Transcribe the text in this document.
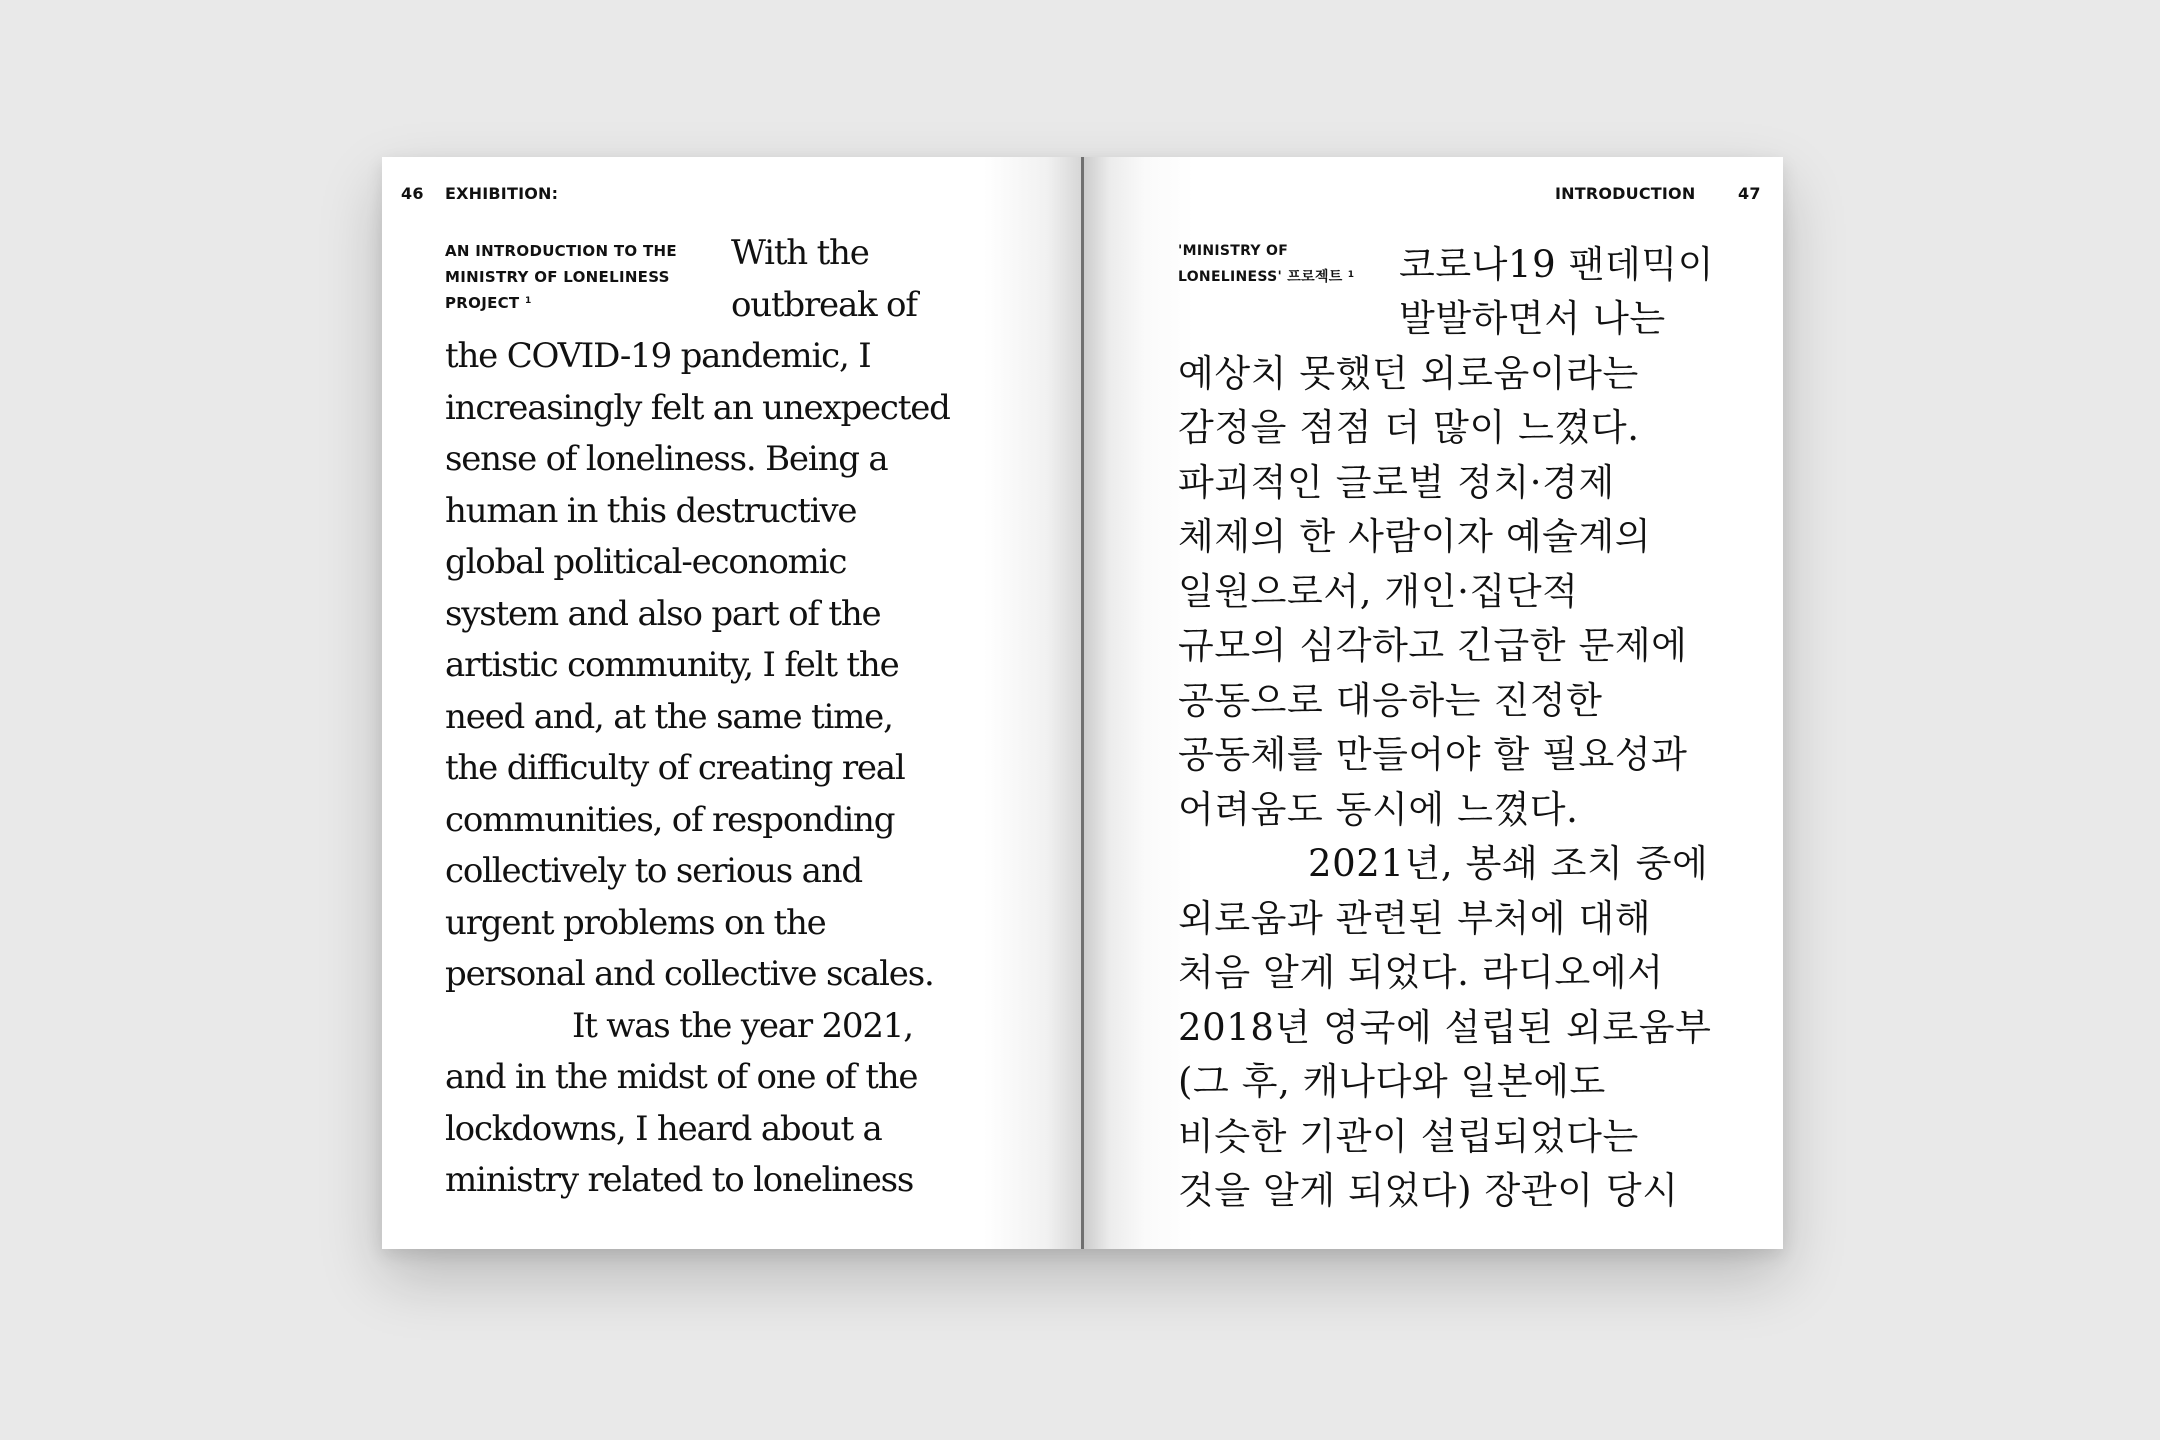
46 EXHIBITION:
AN INTRODUCTION TO THE
MINISTRY OF LONELINESS
PROJECT $^1$
With the
outbreak of
the COVID-19 pandemic, I
increasingly felt an unexpected
sense of loneliness. Being a
human in this destructive
global political-economic
system and also part of the
artistic community, I felt the
need and, at the same time,
the difficulty of creating real
communities, of responding
collectively to serious and
urgent problems on the
personal and collective scales.
It was the year 2021,
and in the midst of one of the
lockdowns, I heard about a
ministry related to loneliness
INTRODUCTION	47
'MINISTRY OF
LONELINESS' 프로젝트 $^1$	코로나19 팬데믹이
발발하면서 나는
예상치 못했던 외로움이라는
감정을 점점 더 많이 느꼈다.
파괴적인 글로벌 정치·경제
체제의 한 사람이자 예술계의
일원으로서, 개인·집단적
규모의 심각하고 긴급한 문제에
공동으로 대응하는 진정한
공동체를 만들어야 할 필요성과
어려움도 동시에 느꼈다.
2021년, 봉쇄 조치 중에
외로움과 관련된 부처에 대해
처음 알게 되었다. 라디오에서
2018년 영국에 설립된 외로움부
(그 후, 캐나다와 일본에도
비슷한 기관이 설립되었다는
것을 알게 되었다) 장관이 당시
